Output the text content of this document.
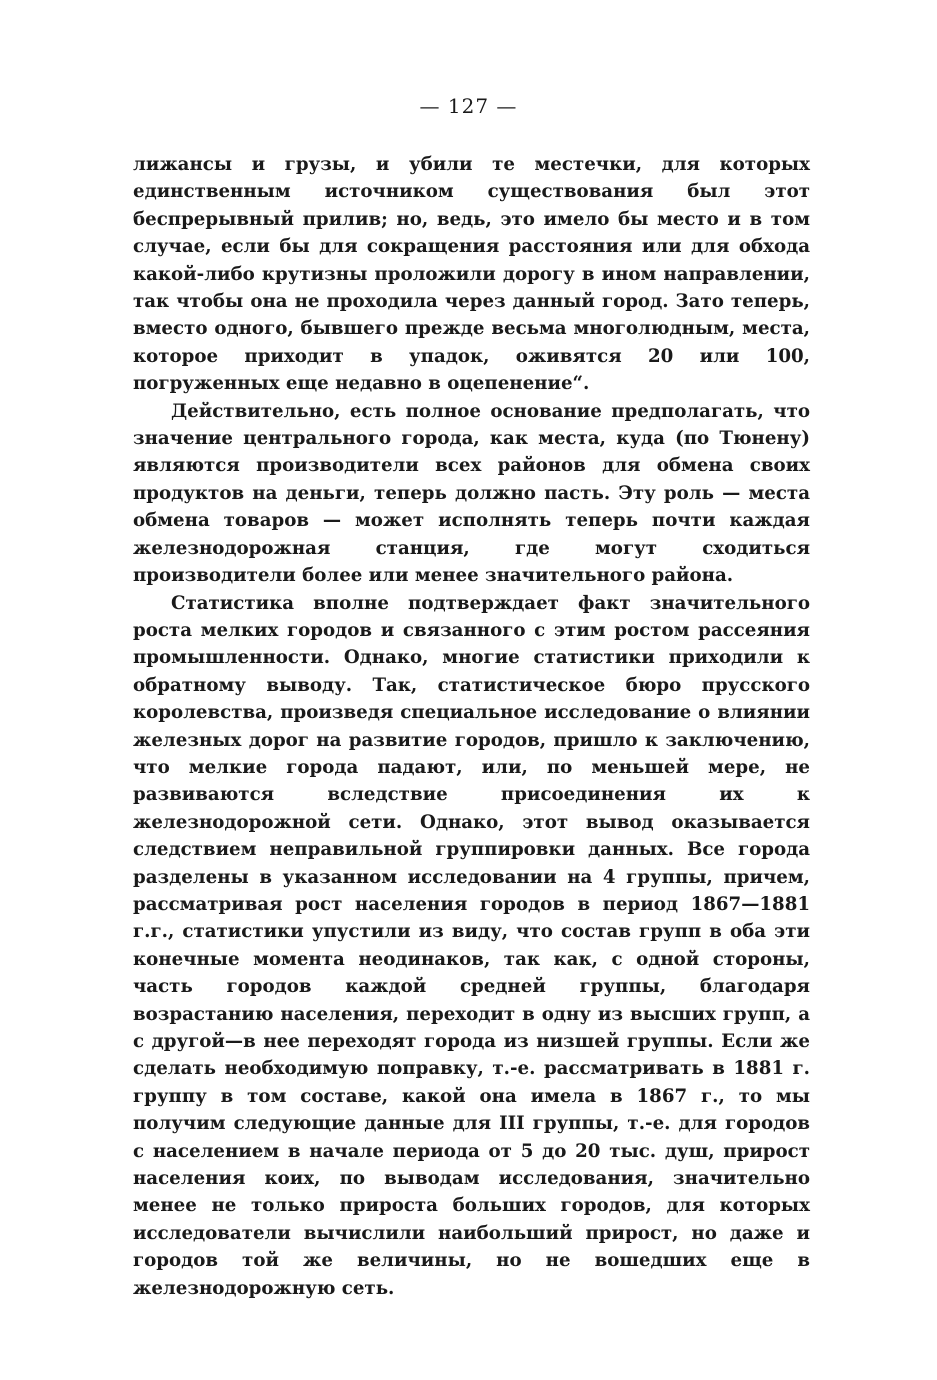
— 127 —

лижансы и грузы, и убили те местечки, для которых единственным источником существования был этот беспрерывный прилив; но, ведь, это имело бы место и в том случае, если бы для сокращения расстояния или для обхода какой-либо крутизны проложили дорогу в ином направлении, так чтобы она не проходила через данный город. Зато теперь, вместо одного, бывшего прежде весьма многолюдным, места, которое приходит в упадок, оживятся 20 или 100, погруженных еще недавно в оцепенение“.

Действительно, есть полное основание предполагать, что значение центрального города, как места, куда (по Тюнену) являются производители всех районов для обмена своих продуктов на деньги, теперь должно пасть. Эту роль — места обмена товаров — может исполнять теперь почти каждая железнодорожная станция, где могут сходиться производители более или менее значительного района.

Статистика вполне подтверждает факт значительного роста мелких городов и связанного с этим ростом рассеяния промышленности. Однако, многие статистики приходили к обратному выводу. Так, статистическое бюро прусского королевства, произведя специальное исследование о влиянии железных дорог на развитие городов, пришло к заключению, что мелкие города падают, или, по меньшей мере, не развиваются вследствие присоединения их к железнодорожной сети. Однако, этот вывод оказывается следствием неправильной группировки данных. Все города разделены в указанном исследовании на 4 группы, причем, рассматривая рост населения городов в период 1867—1881 г.г., статистики упустили из виду, что состав групп в оба эти конечные момента неодинаков, так как, с одной стороны, часть городов каждой средней группы, благодаря возрастанию населения, переходит в одну из высших групп, а с другой—в нее переходят города из низшей группы. Если же сделать необходимую поправку, т.-е. рассматривать в 1881 г. группу в том составе, какой она имела в 1867 г., то мы получим следующие данные для III группы, т.-е. для городов с населением в начале периода от 5 до 20 тыс. душ, прирост населения коих, по выводам исследования, значительно менее не только прироста больших городов, для которых исследователи вычислили наибольший прирост, но даже и городов той же величины, но не вошедших еще в железнодорожную сеть.
